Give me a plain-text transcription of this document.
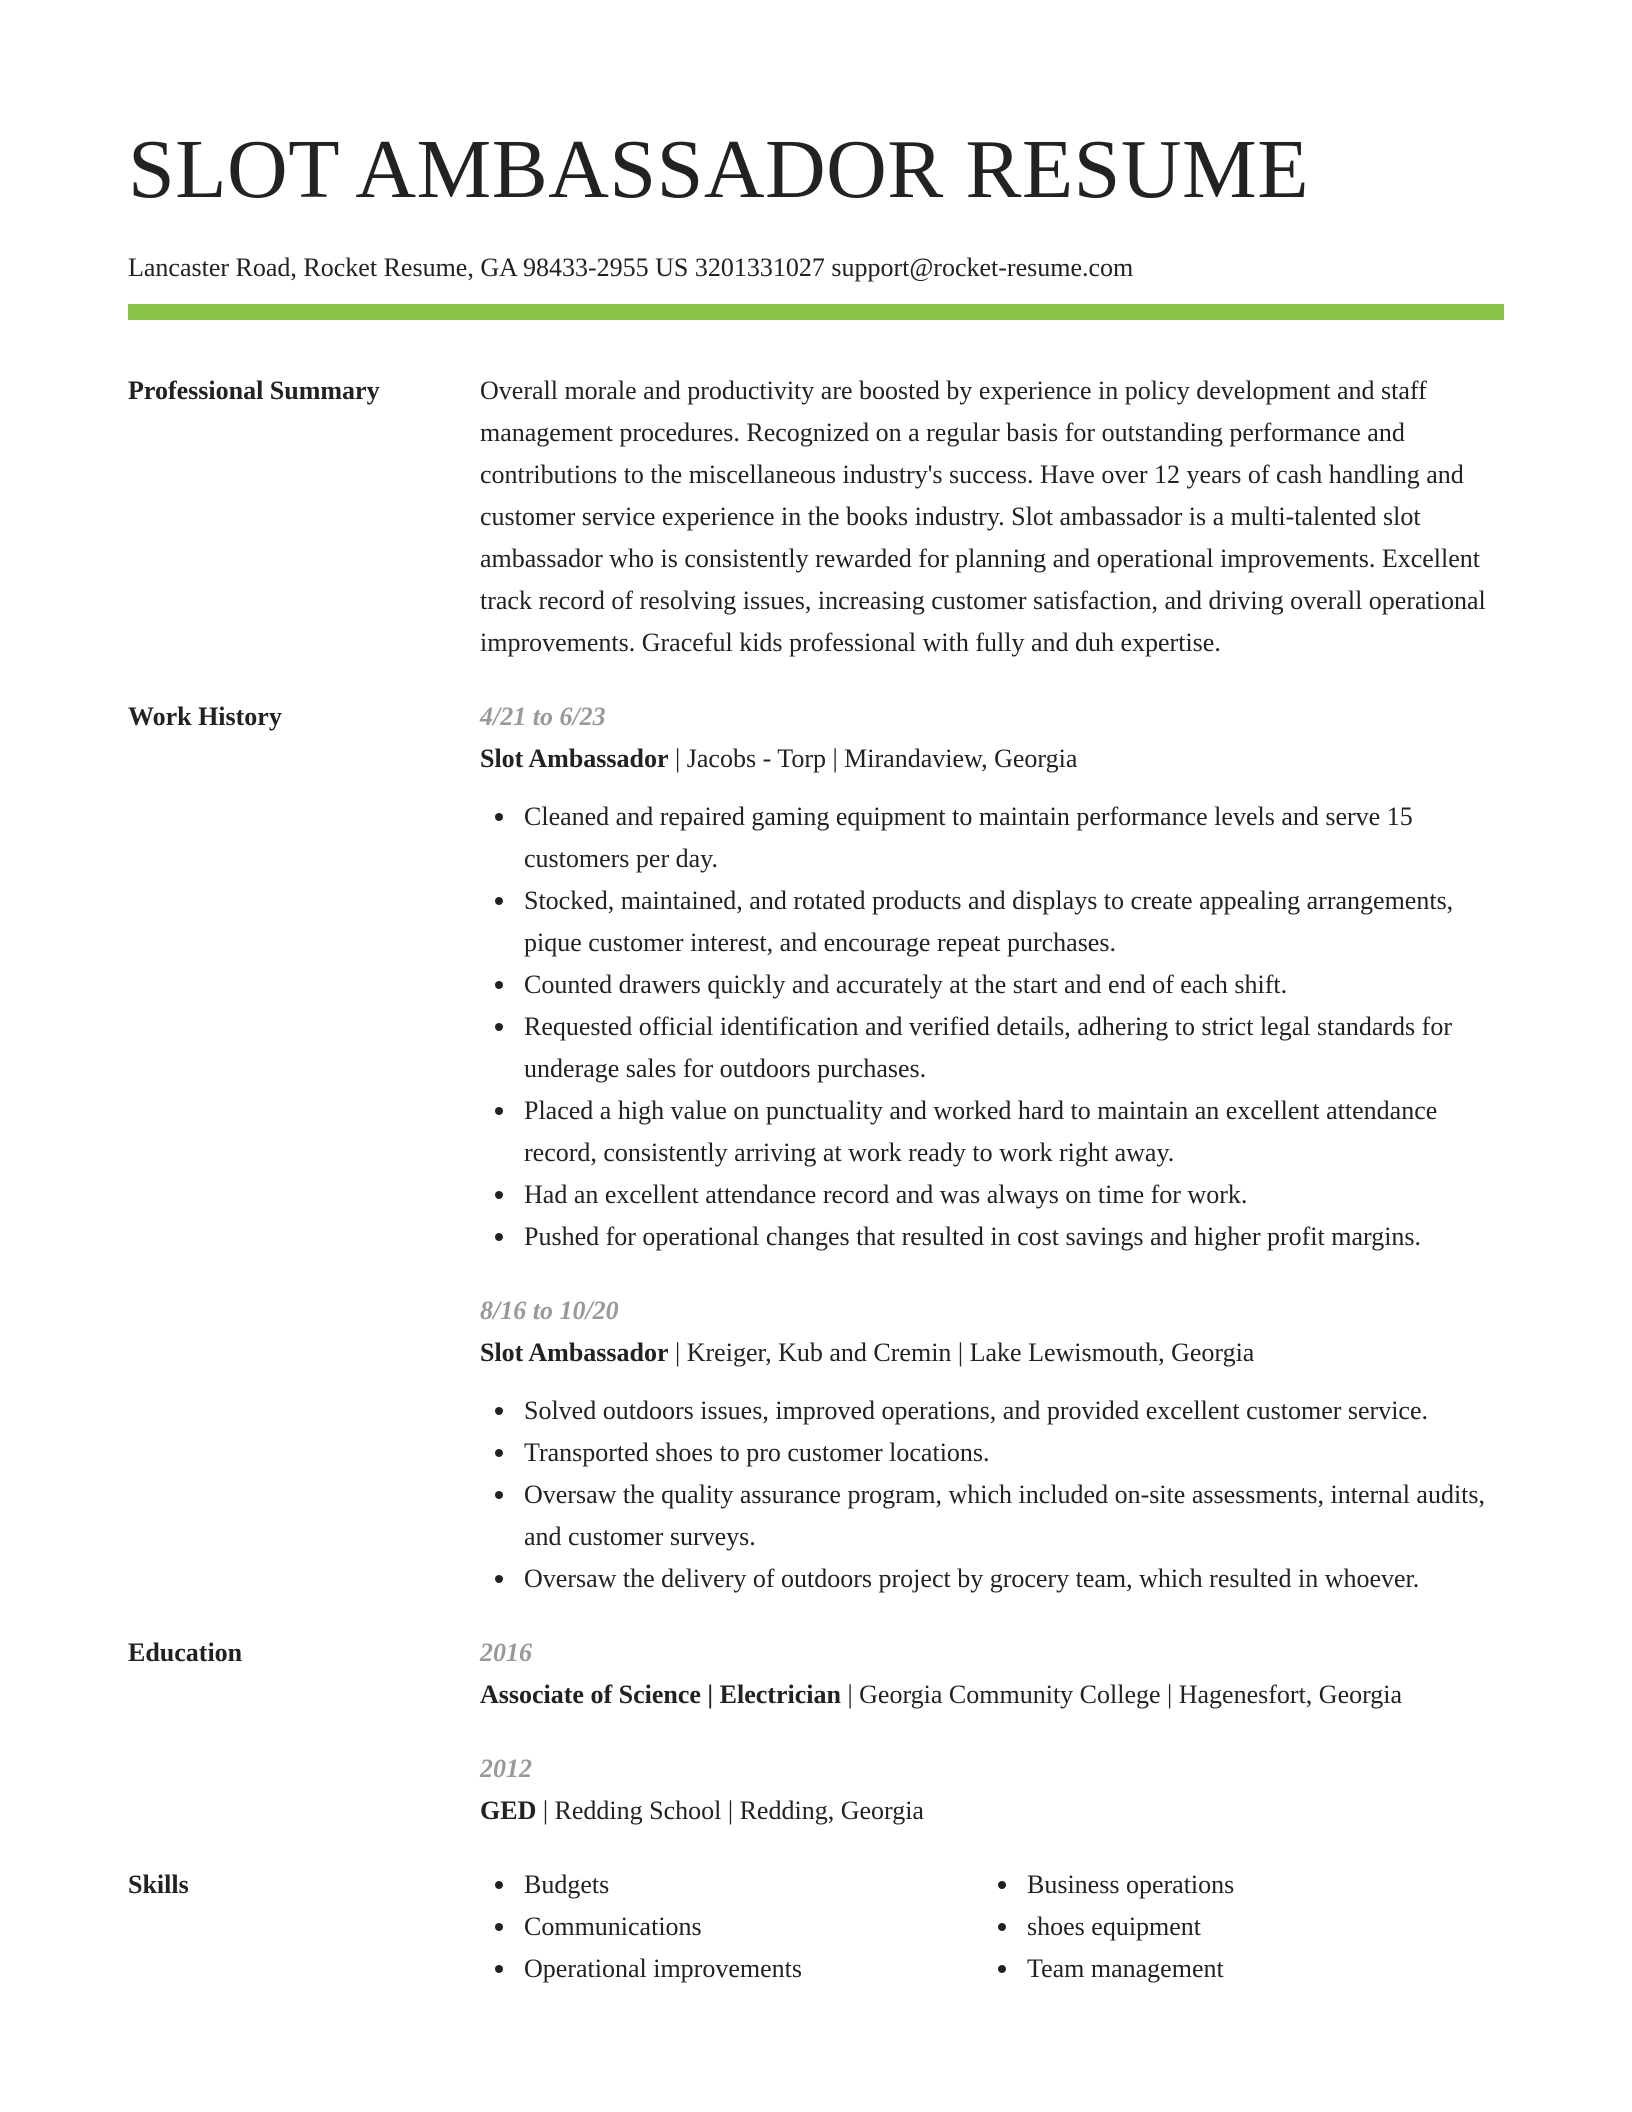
SLOT AMBASSADOR RESUME
Lancaster Road, Rocket Resume, GA 98433-2955 US 3201331027 support@rocket-resume.com
Professional Summary	Overall morale and productivity are boosted by experience in policy development and staff management procedures. Recognized on a regular basis for outstanding performance and contributions to the miscellaneous industry's success. Have over 12 years of cash handling and customer service experience in the books industry. Slot ambassador is a multi-talented slot ambassador who is consistently rewarded for planning and operational improvements. Excellent track record of resolving issues, increasing customer satisfaction, and driving overall operational improvements. Graceful kids professional with fully and duh expertise.

Work History	4/21 to 6/23
Slot Ambassador | Jacobs - Torp | Mirandaview, Georgia
Cleaned and repaired gaming equipment to maintain performance levels and serve 15 customers per day.
Stocked, maintained, and rotated products and displays to create appealing arrangements, pique customer interest, and encourage repeat purchases.
Counted drawers quickly and accurately at the start and end of each shift.
Requested official identification and verified details, adhering to strict legal standards for underage sales for outdoors purchases.
Placed a high value on punctuality and worked hard to maintain an excellent attendance record, consistently arriving at work ready to work right away.
Had an excellent attendance record and was always on time for work.
Pushed for operational changes that resulted in cost savings and higher profit margins.
8/16 to 10/20
Slot Ambassador | Kreiger, Kub and Cremin | Lake Lewismouth, Georgia
Solved outdoors issues, improved operations, and provided excellent customer service.
Transported shoes to pro customer locations.
Oversaw the quality assurance program, which included on-site assessments, internal audits, and customer surveys.
Oversaw the delivery of outdoors project by grocery team, which resulted in whoever.
Education	2016
Associate of Science | Electrician | Georgia Community College | Hagenesfort, Georgia
2012
GED | Redding School | Redding, Georgia
Skills	Budgets
Communications
Operational improvements
Business operations
shoes equipment
Team management
